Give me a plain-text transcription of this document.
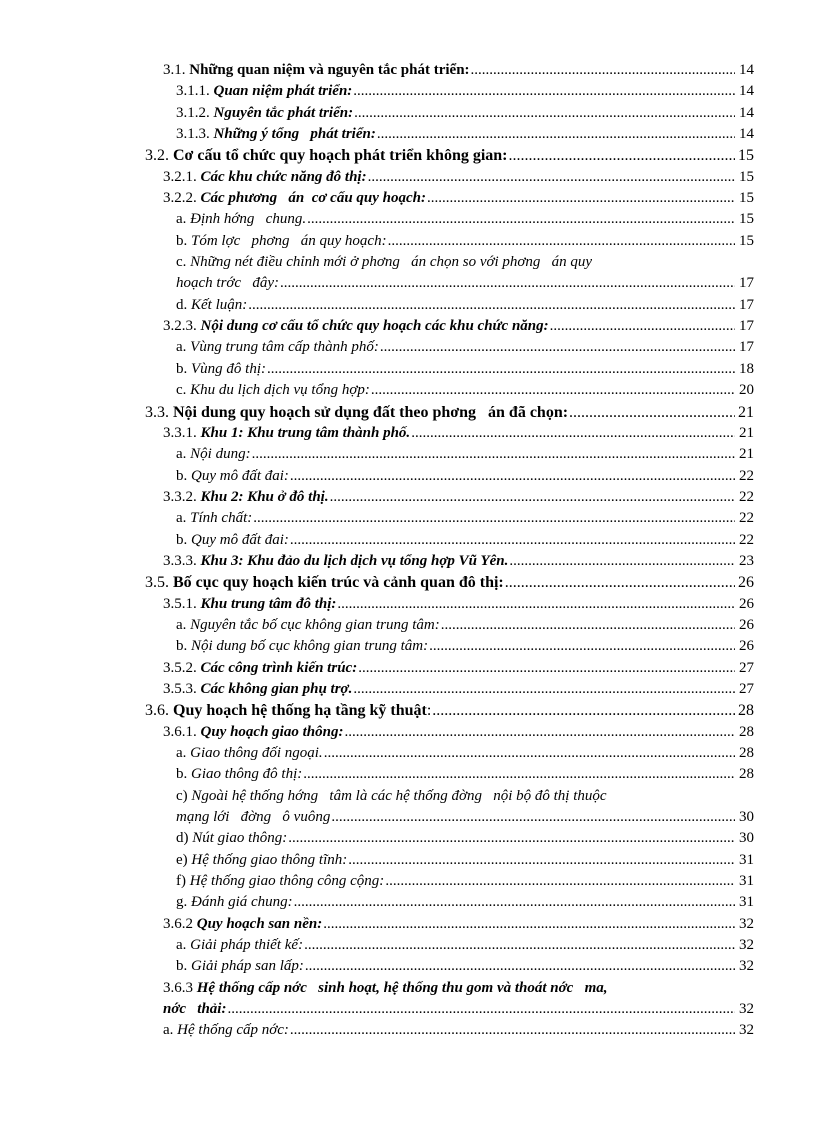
3.1. Những quan niệm và nguyên tắc phát triển: .....	14
3.1.1. Quan niệm phát triển: .....	14
3.1.2. Nguyên tắc phát triển: .....	14
3.1.3. Những ý tổng   phát triển: .....	14
3.2. Cơ cấu tổ chức quy hoạch phát triển không gian: .....	15
3.2.1. Các khu chức năng đô thị: .....	15
3.2.2. Các phương   án  cơ cấu quy hoạch: .....	15
a. Định hớng   chung. .....	15
b. Tóm lợc   phơng   án quy hoạch: .....	15
c. Những nét điều chỉnh mới ở phơng   án chọn so với phơng   án quy
hoạch trớc   đây: .....	17
d. Kết luận: .....	17
3.2.3. Nội dung cơ cấu tổ chức quy hoạch các khu chức năng: .....	17
a. Vùng trung tâm cấp thành phố: .....	17
b. Vùng đô thị: .....	18
c. Khu du lịch dịch vụ tổng hợp: .....	20
3.3. Nội dung quy hoạch sử dụng đất theo phơng   án đã chọn: .....	21
3.3.1. Khu 1: Khu trung tâm thành phố. .....	21
a. Nội dung: .....	21
b. Quy mô đất đai: .....	22
3.3.2. Khu 2: Khu ở đô thị. .....	22
a. Tính chất: .....	22
b. Quy mô đất đai: .....	22
3.3.3. Khu 3: Khu đảo du lịch dịch vụ tổng hợp Vũ Yên. .....	23
3.5. Bố cục quy hoạch kiến trúc và cảnh quan đô thị: .....	26
3.5.1. Khu trung tâm đô thị: .....	26
a. Nguyên tắc bố cục không gian trung tâm: .....	26
b. Nội dung bố cục không gian trung tâm: .....	26
3.5.2. Các công trình kiến trúc: .....	27
3.5.3. Các không gian phụ trợ. .....	27
3.6. Quy hoạch hệ thống hạ tầng kỹ thuật : .....	28
3.6.1. Quy hoạch giao thông: .....	28
a. Giao thông đối ngoại. .....	28
b. Giao thông đô thị: .....	28
c) Ngoài hệ thống hớng   tâm là các hệ thống đờng   nội bộ đô thị thuộc
mạng lới   đờng   ô vuông .....	30
d) Nút giao thông: .....	30
e) Hệ thống giao thông tĩnh: .....	31
f) Hệ thống giao thông công cộng: .....	31
g. Đánh giá chung: .....	31
3.6.2 Quy hoạch san nền: .....	32
a. Giải pháp thiết kế: .....	32
b. Giải pháp san lấp: .....	32
3.6.3 Hệ thống cấp nớc   sinh hoạt, hệ thống thu gom và thoát nớc   ma,
nớc   thải: .....	32
a. Hệ thống cấp nớc: .....	32
